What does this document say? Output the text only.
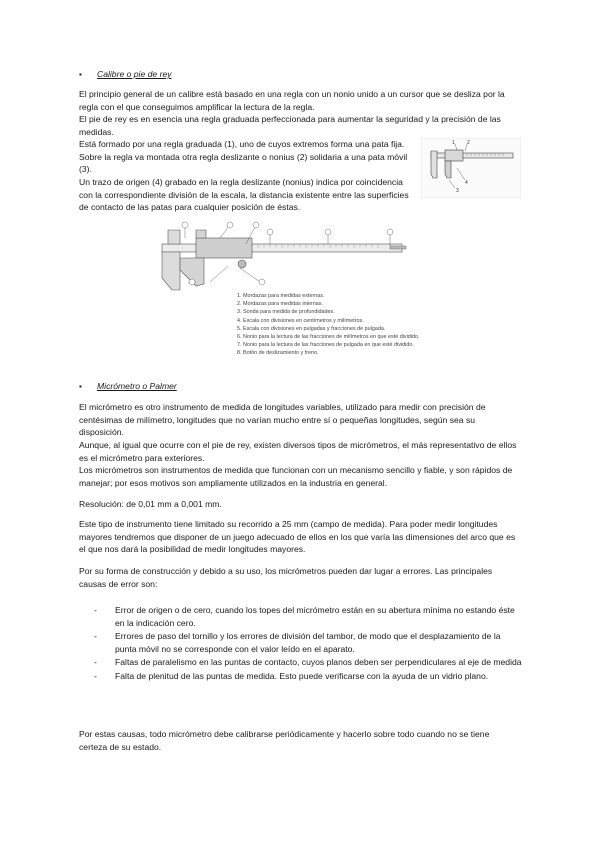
▪ Calibre o pie de rey

El principio general de un calibre está basado en una regla con un nonio unido a un cursor que se desliza por la regla con el que conseguimos amplificar la lectura de la regla.

El pie de rey es en esencia una regla graduada perfeccionada para aumentar la seguridad y la precisión de las medidas.

Está formado por una regla graduada (1), uno de cuyos extremos forma una pata fija. Sobre la regla va montada otra regla deslizante o nonius (2) solidaria a una pata móvil (3).

Un trazo de origen (4) grabado en la regla deslizante (nonius) indica por coincidencia con la correspondiente división de la escala, la distancia existente entre las superficies de contacto de las patas para cualquier posición de éstas.

1 2
4
3
1. Mordazas para medidas externas.
2. Mordazas para medidas internas.
3. Sonda para medida de profundidades.
4. Escala con divisiones en centímetros y milímetros.
5. Escala con divisiones en pulgadas y fracciones de pulgada.
6. Nonio para la lectura de las fracciones de milímetros en que esté dividido.
7. Nonio para la lectura de las fracciones de pulgada en que esté dividido.
8. Botón de deslizamiento y freno.
▪ Micrómetro o Palmer

El micrómetro es otro instrumento de medida de longitudes variables, utilizado para medir con precisión de centésimas de milímetro, longitudes que no varían mucho entre sí o pequeñas longitudes, según sea su disposición.

Aunque, al igual que ocurre con el pie de rey, existen diversos tipos de micrómetros, el más representativo de ellos es el micrómetro para exteriores.

Los micrómetros son instrumentos de medida que funcionan con un mecanismo sencillo y fiable, y son rápidos de manejar; por esos motivos son ampliamente utilizados en la industria en general.

Resolución: de 0,01 mm a 0,001 mm.

Este tipo de instrumento tiene limitado su recorrido a 25 mm (campo de medida). Para poder medir longitudes mayores tendremos que disponer de un juego adecuado de ellos en los que varía las dimensiones del arco que es el que nos dará la posibilidad de medir longitudes mayores.

Por su forma de construcción y debido a su uso, los micrómetros pueden dar lugar a errores. Las principales causas de error son:

- Error de origen o de cero, cuando los topes del micrómetro están en su abertura mínima no estando éste en la indicación cero.
- Errores de paso del tornillo y los errores de división del tambor, de modo que el desplazamiento de la punta móvil no se corresponde con el valor leído en el aparato.
- Faltas de paralelismo en las puntas de contacto, cuyos planos deben ser perpendiculares al eje de medida
- Falta de plenitud de las puntas de medida. Esto puede verificarse con la ayuda de un vidrio plano.

Por estas causas, todo micrómetro debe calibrarse periódicamente y hacerlo sobre todo cuando no se tiene certeza de su estado.
